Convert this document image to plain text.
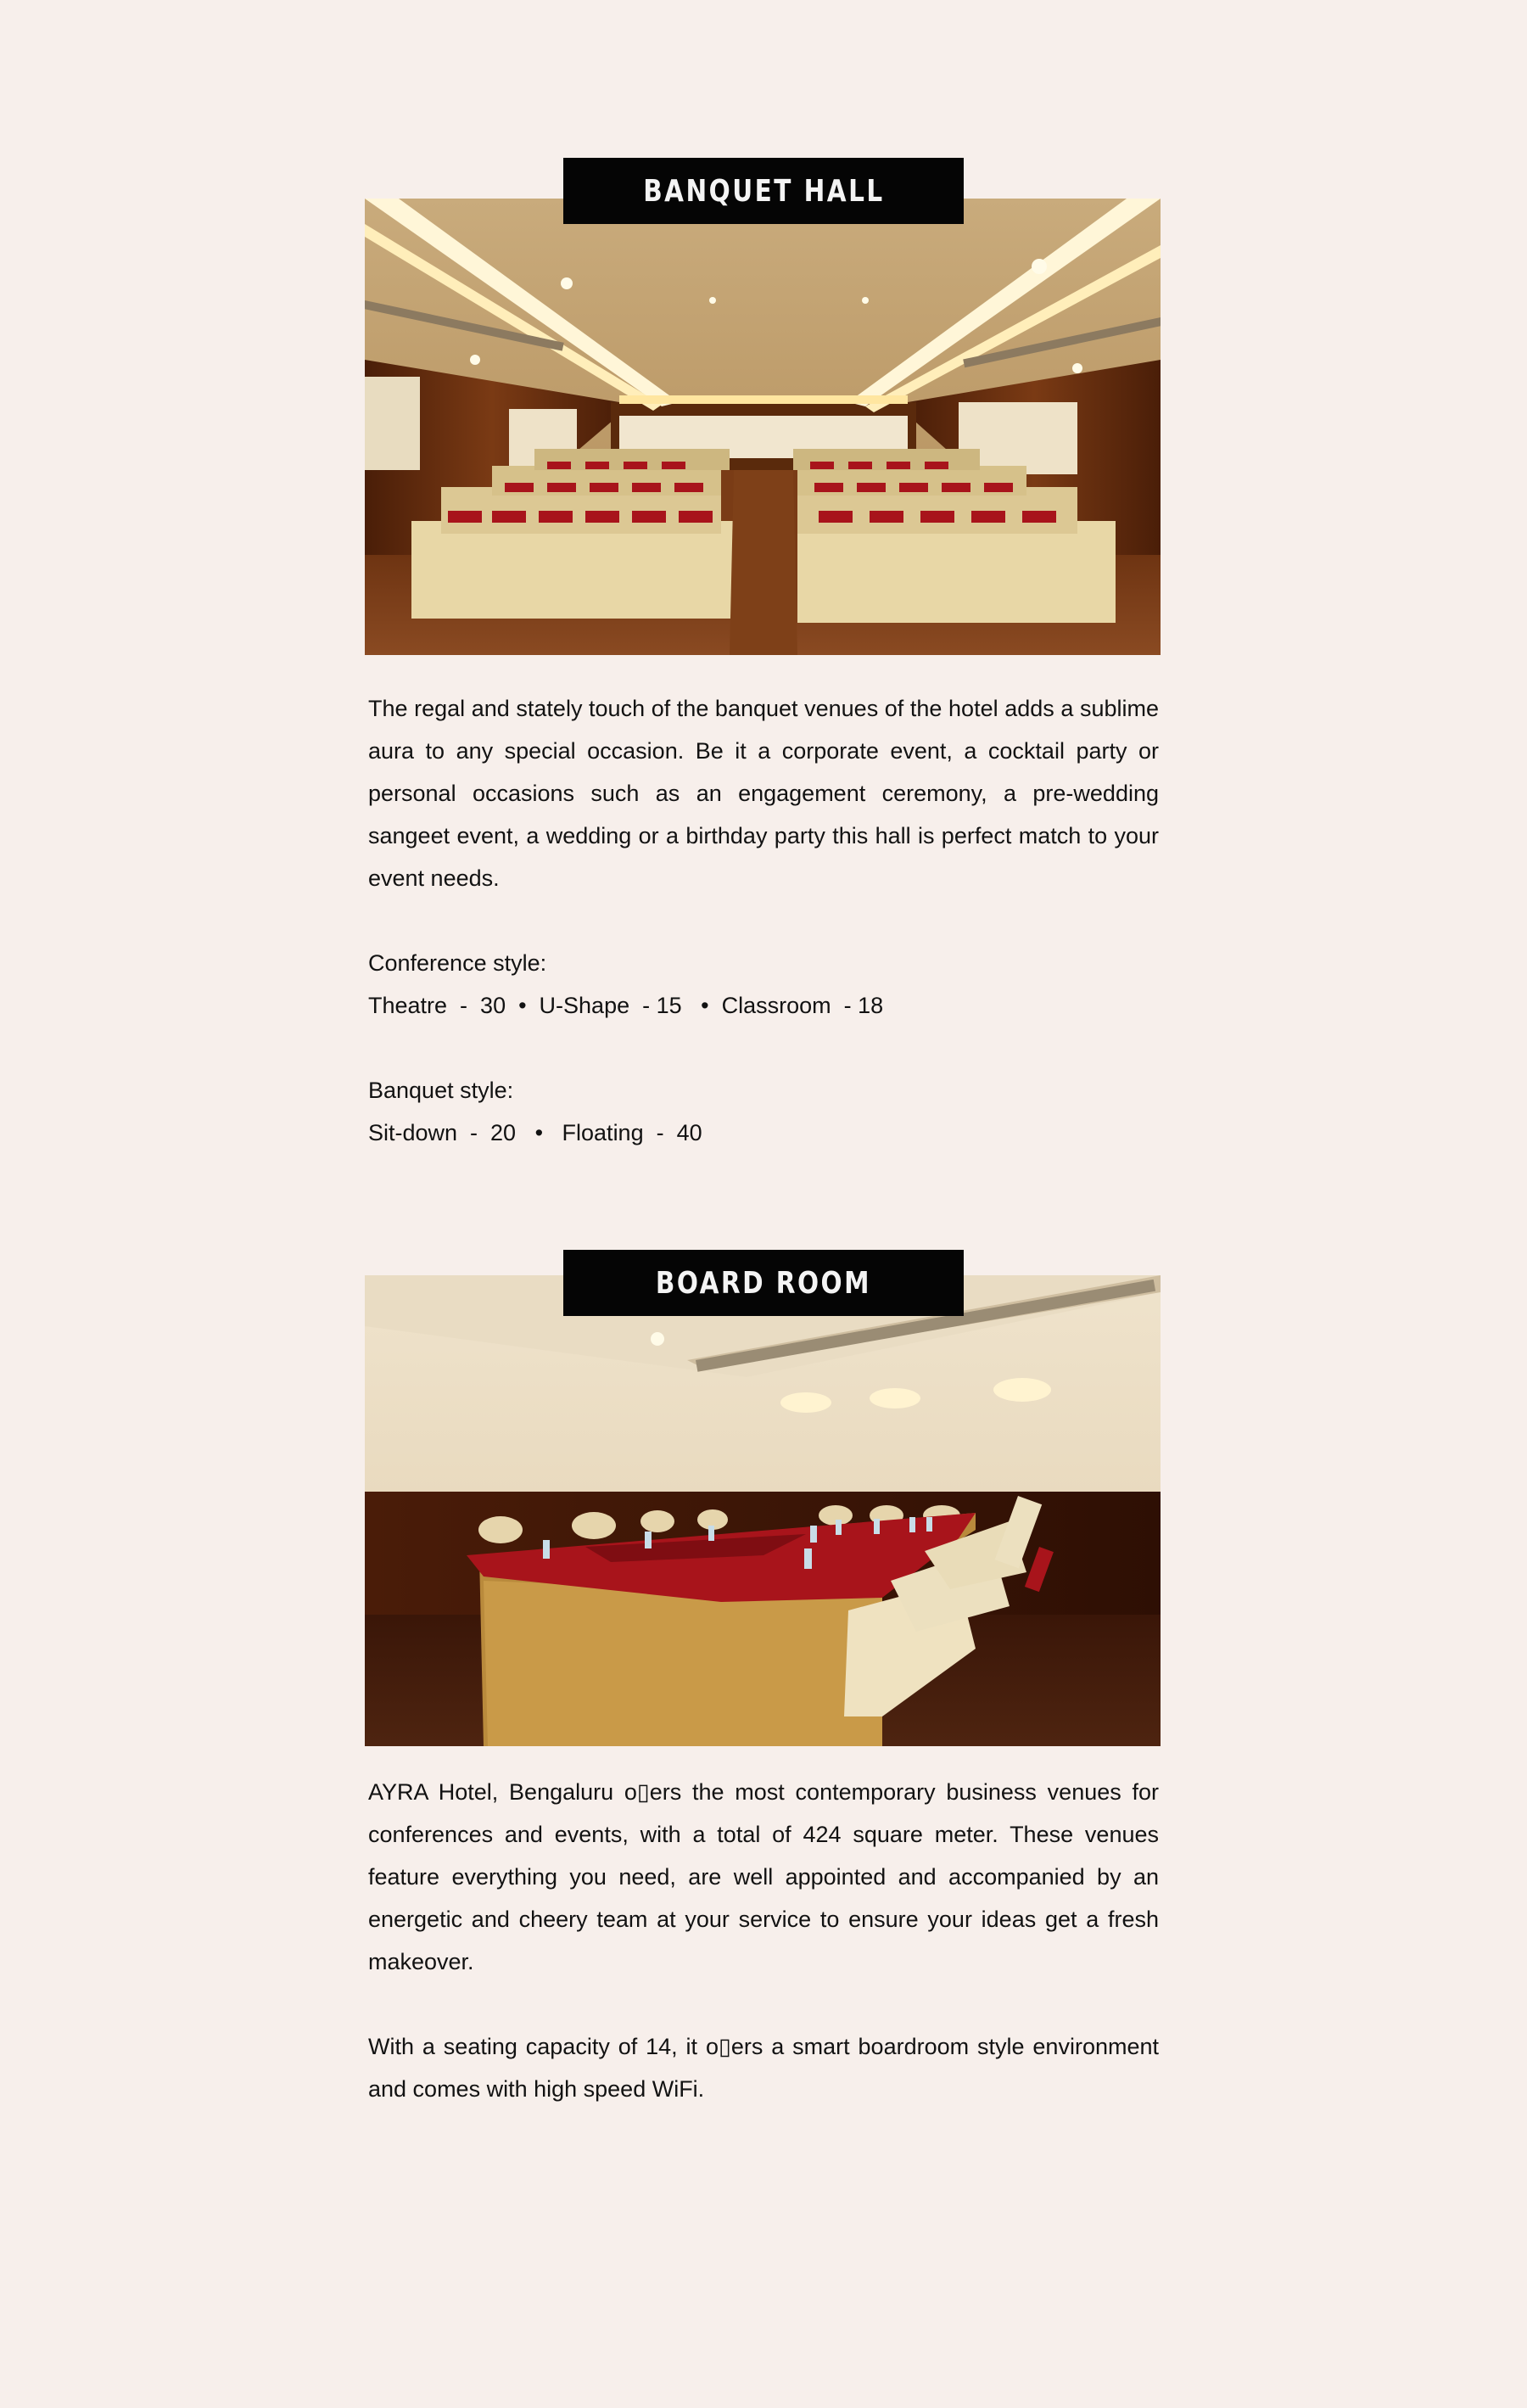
BANQUET HALL

The regal and stately touch of the banquet venues of the hotel adds a sublime aura to any special occasion. Be it a corporate event, a cocktail party or personal occasions such as an engagement ceremony, a pre-wedding sangeet event, a wedding or a birthday party this hall is perfect match to your event needs.

Conference style:

Theatre  -  30  •  U-Shape  - 15   •  Classroom  - 18

Banquet style:

Sit-down  -  20   •   Floating  -  40

BOARD ROOM

AYRA Hotel, Bengaluru o▯ers the most contemporary business venues for conferences and events, with a total of 424 square meter. These venues feature everything you need, are well appointed and accompanied by an energetic and cheery team at your service to ensure your ideas get a fresh makeover.

With a seating capacity of 14, it o▯ers a smart boardroom style environment and comes with high speed WiFi.
